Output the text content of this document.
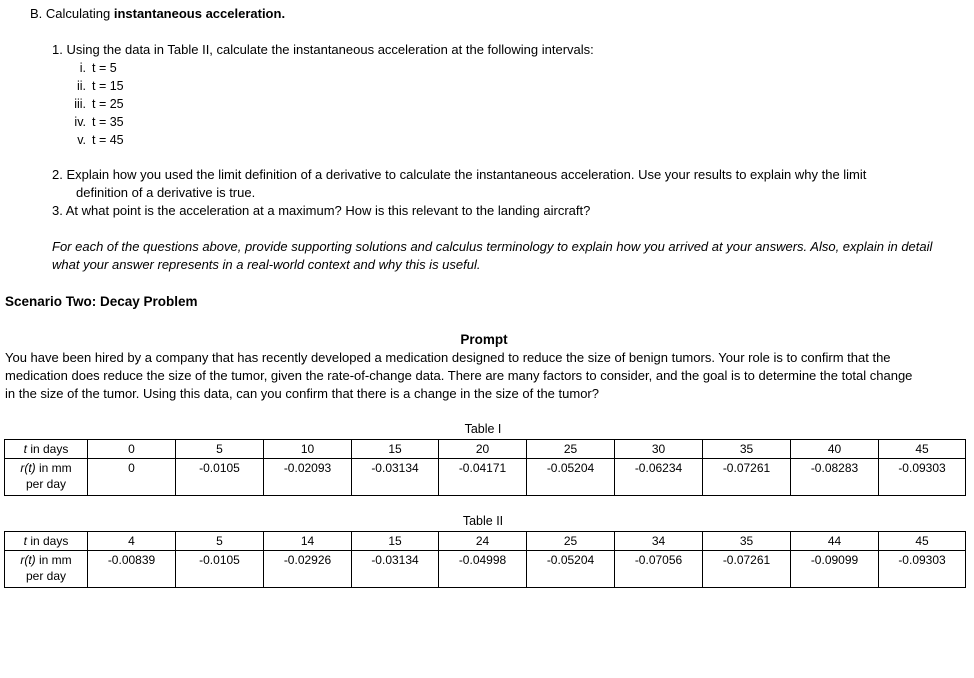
B. Calculating instantaneous acceleration.
1. Using the data in Table II, calculate the instantaneous acceleration at the following intervals:
i. t = 5
ii. t = 15
iii. t = 25
iv. t = 35
v. t = 45
2. Explain how you used the limit definition of a derivative to calculate the instantaneous acceleration. Use your results to explain why the limit
definition of a derivative is true.
3. At what point is the acceleration at a maximum? How is this relevant to the landing aircraft?
For each of the questions above, provide supporting solutions and calculus terminology to explain how you arrived at your answers. Also, explain in detail
what your answer represents in a real-world context and why this is useful.
Scenario Two: Decay Problem
Prompt
You have been hired by a company that has recently developed a medication designed to reduce the size of benign tumors. Your role is to confirm that the
medication does reduce the size of the tumor, given the rate-of-change data. There are many factors to consider, and the goal is to determine the total change
in the size of the tumor. Using this data, can you confirm that there is a change in the size of the tumor?
Table I
t in days	0	5	10	15	20	25	30	35	40	45
r(t) in mm
per day	0	-0.0105	-0.02093	-0.03134	-0.04171	-0.05204	-0.06234	-0.07261	-0.08283	-0.09303
Table II
t in days	4	5	14	15	24	25	34	35	44	45
r(t) in mm
per day	-0.00839	-0.0105	-0.02926	-0.03134	-0.04998	-0.05204	-0.07056	-0.07261	-0.09099	-0.09303
